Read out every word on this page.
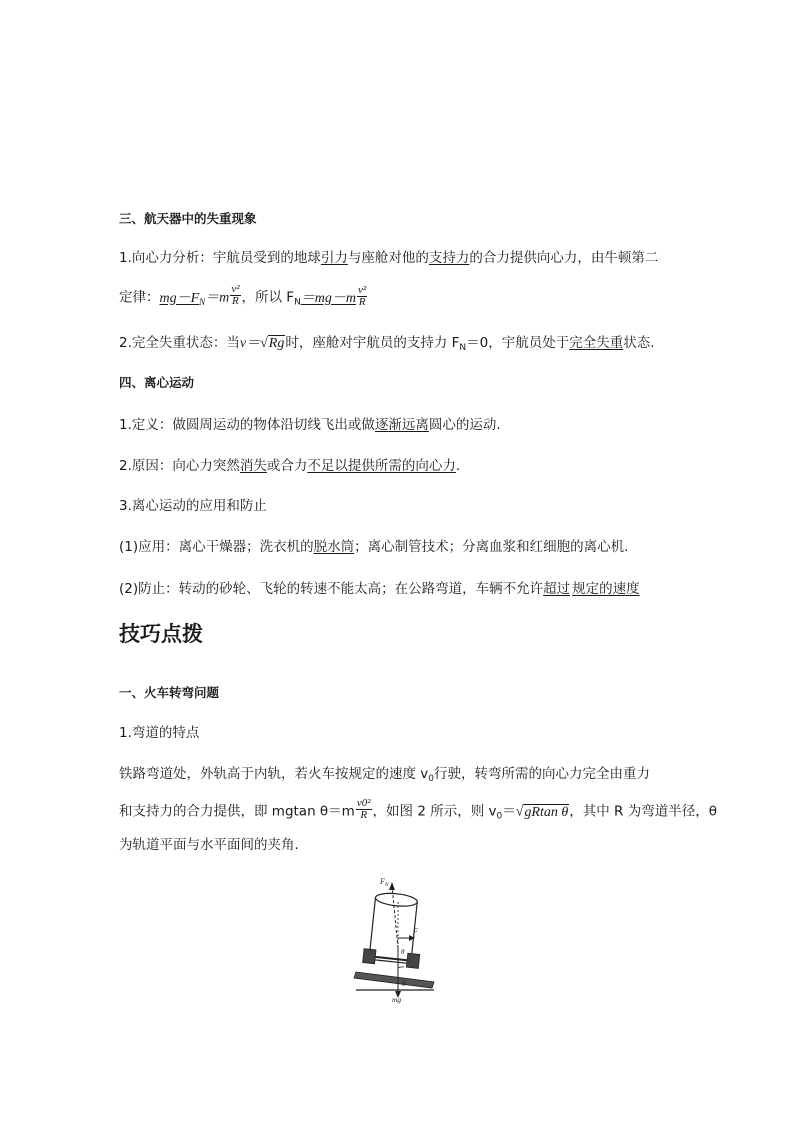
三、航天器中的失重现象
1.向心力分析：宇航员受到的地球引力与座舱对他的支持力的合力提供向心力，由牛顿第二
定律：$mg-F_N=m \frac{\text{v²}}{R}$ ，所以 $F_N=mg-m \frac{\text{v²}}{R}$
2.完全失重状态：当v＝√Rg时，座舱对宇航员的支持力 $F_N=0$，宇航员处于完全失重状态.
四、离心运动
1.定义：做圆周运动的物体沿切线飞出或做逐渐远离圆心的运动.
2.原因：向心力突然消失或合力不足以提供所需的向心力.
3.离心运动的应用和防止
(1)应用：离心干燥器；洗衣机的脱水筒；离心制管技术；分离血浆和红细胞的离心机.
(2)防止：转动的砂轮、飞轮的转速不能太高；在公路弯道，车辆不允许超过 规定的速度
技巧点拨
一、火车转弯问题
1.弯道的特点
铁路弯道处，外轨高于内轨，若火车按规定的速度 $v_0$行驶，转弯所需的向心力完全由重力
和支持力的合力提供，即 mgtan $\theta=m \frac{\text{v0²}}{R}$ ，如图 2 所示，则 $v_0=√gRtan$ θ，其中 R 为弯道半径，θ
为轨道平面与水平面间的夹角.
$F_N$
F
θ
θ
mg
